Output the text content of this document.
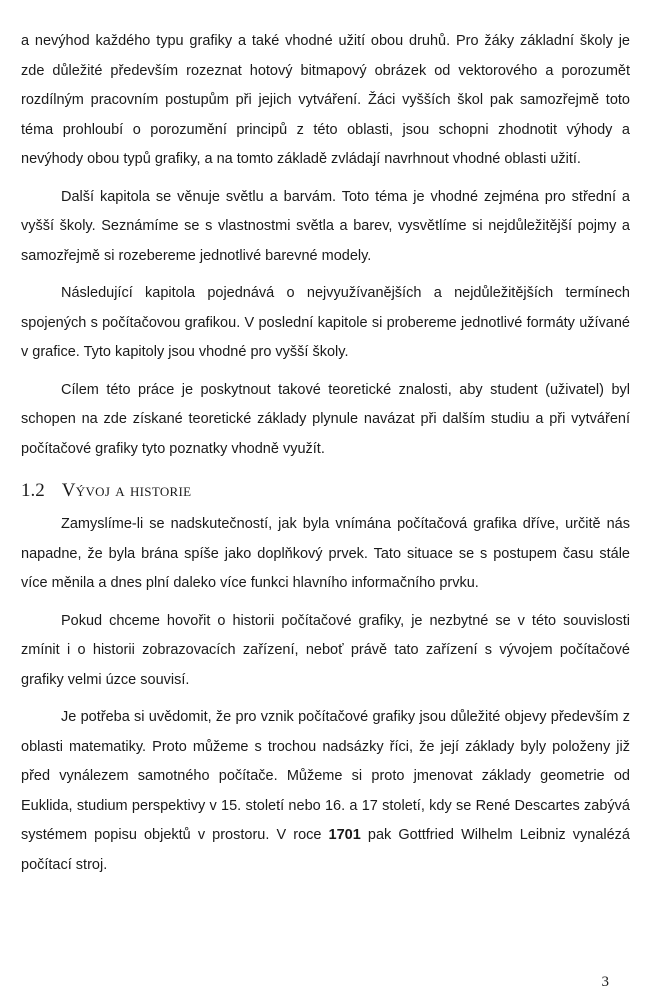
a nevýhod každého typu grafiky a také vhodné užití obou druhů. Pro žáky základní školy je zde důležité především rozeznat hotový bitmapový obrázek od vektorového a porozumět rozdílným pracovním postupům při jejich vytváření. Žáci vyšších škol pak samozřejmě toto téma prohloubí o porozumění principů z této oblasti, jsou schopni zhodnotit výhody a nevýhody obou typů grafiky, a na tomto základě zvládají navrhnout vhodné oblasti užití.

Další kapitola se věnuje světlu a barvám. Toto téma je vhodné zejména pro střední a vyšší školy. Seznámíme se s vlastnostmi světla a barev, vysvětlíme si nejdůležitější pojmy a samozřejmě si rozebereme jednotlivé barevné modely.

Následující kapitola pojednává o nejvyužívanějších a nejdůležitějších termínech spojených s počítačovou grafikou. V poslední kapitole si probereme jednotlivé formáty užívané v grafice. Tyto kapitoly jsou vhodné pro vyšší školy.

Cílem této práce je poskytnout takové teoretické znalosti, aby student (uživatel) byl schopen na zde získané teoretické základy plynule navázat při dalším studiu a při vytváření počítačové grafiky tyto poznatky vhodně využít.

1.2 Vývoj a historie

Zamyslíme-li se nadskutečností, jak byla vnímána počítačová grafika dříve, určitě nás napadne, že byla brána spíše jako doplňkový prvek. Tato situace se s postupem času stále více měnila a dnes plní daleko více funkci hlavního informačního prvku.

Pokud chceme hovořit o historii počítačové grafiky, je nezbytné se v této souvislosti zmínit i o historii zobrazovacích zařízení, neboť právě tato zařízení s vývojem počítačové grafiky velmi úzce souvisí.

Je potřeba si uvědomit, že pro vznik počítačové grafiky jsou důležité objevy především z oblasti matematiky. Proto můžeme s trochou nadsázky říci, že její základy byly položeny již před vynálezem samotného počítače. Můžeme si proto jmenovat základy geometrie od Euklida, studium perspektivy v 15. století nebo 16. a 17 století, kdy se René Descartes zabývá systémem popisu objektů v prostoru. V roce 1701 pak Gottfried Wilhelm Leibniz vynalézá počítací stroj.

3
